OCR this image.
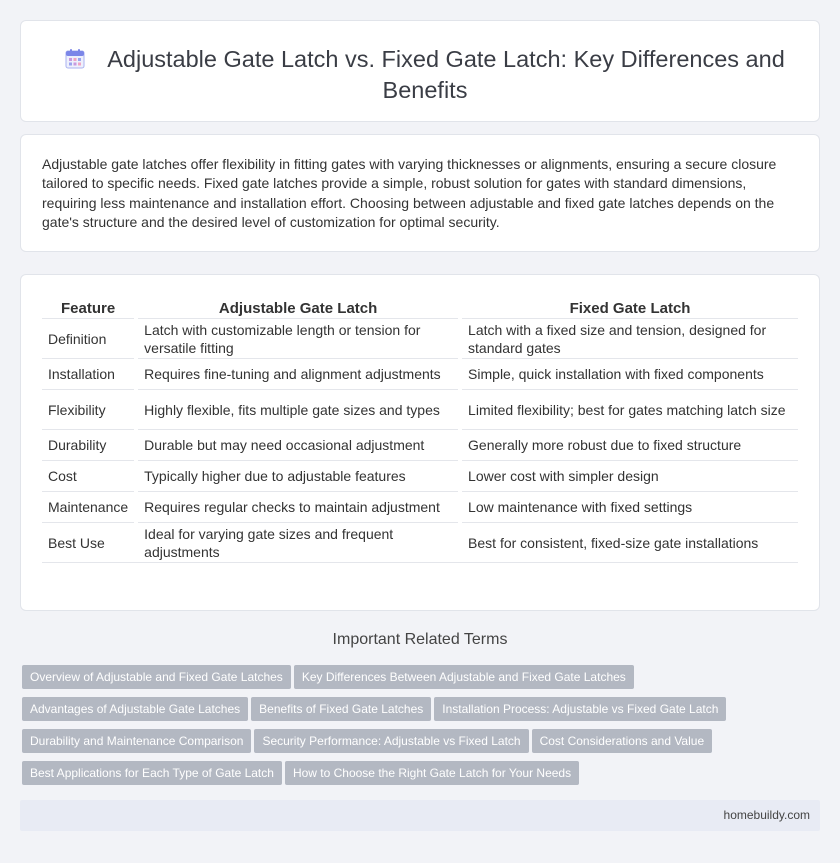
Adjustable Gate Latch vs. Fixed Gate Latch: Key Differences and Benefits

Adjustable gate latches offer flexibility in fitting gates with varying thicknesses or alignments, ensuring a secure closure tailored to specific needs. Fixed gate latches provide a simple, robust solution for gates with standard dimensions, requiring less maintenance and installation effort. Choosing between adjustable and fixed gate latches depends on the gate's structure and the desired level of customization for optimal security.

Feature		Adjustable Gate Latch		Fixed Gate Latch
Definition		Latch with customizable length or tension for versatile fitting		Latch with a fixed size and tension, designed for standard gates
Installation		Requires fine-tuning and alignment adjustments		Simple, quick installation with fixed components
Flexibility		Highly flexible, fits multiple gate sizes and types		Limited flexibility; best for gates matching latch size
Durability		Durable but may need occasional adjustment		Generally more robust due to fixed structure
Cost		Typically higher due to adjustable features		Lower cost with simpler design
Maintenance		Requires regular checks to maintain adjustment		Low maintenance with fixed settings
Best Use		Ideal for varying gate sizes and frequent adjustments		Best for consistent, fixed-size gate installations
Important Related Terms
Overview of Adjustable and Fixed Gate Latches Key Differences Between Adjustable and Fixed Gate Latches
Advantages of Adjustable Gate Latches Benefits of Fixed Gate Latches Installation Process: Adjustable vs Fixed Gate Latch
Durability and Maintenance Comparison Security Performance: Adjustable vs Fixed Latch Cost Considerations and Value
Best Applications for Each Type of Gate Latch How to Choose the Right Gate Latch for Your Needs
homebuildy.com
